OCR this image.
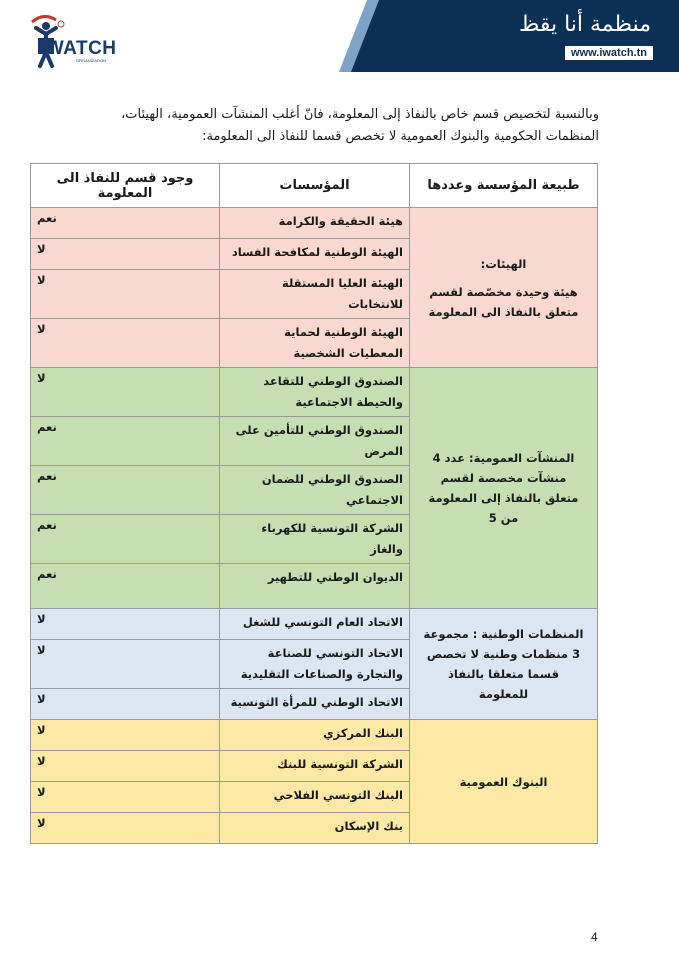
منظمة أنا يقظ
www.iwatch.tn
IWATCH
ORGANIZATION

وبالنسبة لتخصيص قسم خاص بالنفاذ إلى المعلومة، فانّ أغلب المنشآت العمومية، الهيئات،

المنظمات الحكومية والبنوك العمومية لا تخصص قسما للنفاذ الى المعلومة:

طبيعة المؤسسة وعددها	المؤسسات	وجود قسم للنفاذ الى المعلومة

الهيئات:
هيئة وحيدة مخصّصة لقسم متعلق بالنفاذ الى المعلومة	هيئة الحقيقة والكرامة	نعم
	الهيئة الوطنية لمكافحة الفساد	لا
	الهيئة العليا المستقلة للانتخابات	لا
	الهيئة الوطنية لحماية المعطيات الشخصية	لا

المنشآت العمومية: عدد 4 منشآت مخصصة لقسم متعلق بالنفاذ إلى المعلومة من 5	الصندوق الوطني للتقاعد والحيطة الاجتماعية	لا
	الصندوق الوطني للتأمين على المرض	نعم
	الصندوق الوطني للضمان الاجتماعي	نعم
	الشركة التونسية للكهرباء والغاز	نعم
	الديوان الوطني للتطهير	نعم

المنظمات الوطنية : مجموعة 3 منظمات وطنية لا تخصص قسما متعلقا بالنفاذ للمعلومة	الاتحاد العام التونسي للشغل	لا
	الاتحاد التونسي للصناعة والتجارة والصناعات التقليدية	لا
	الاتحاد الوطني للمرأة التونسية	لا

البنوك العمومية	البنك المركزي	لا
	الشركة التونسية للبنك	لا
	البنك التونسي الفلاحي	لا
	بنك الإسكان	لا
4
